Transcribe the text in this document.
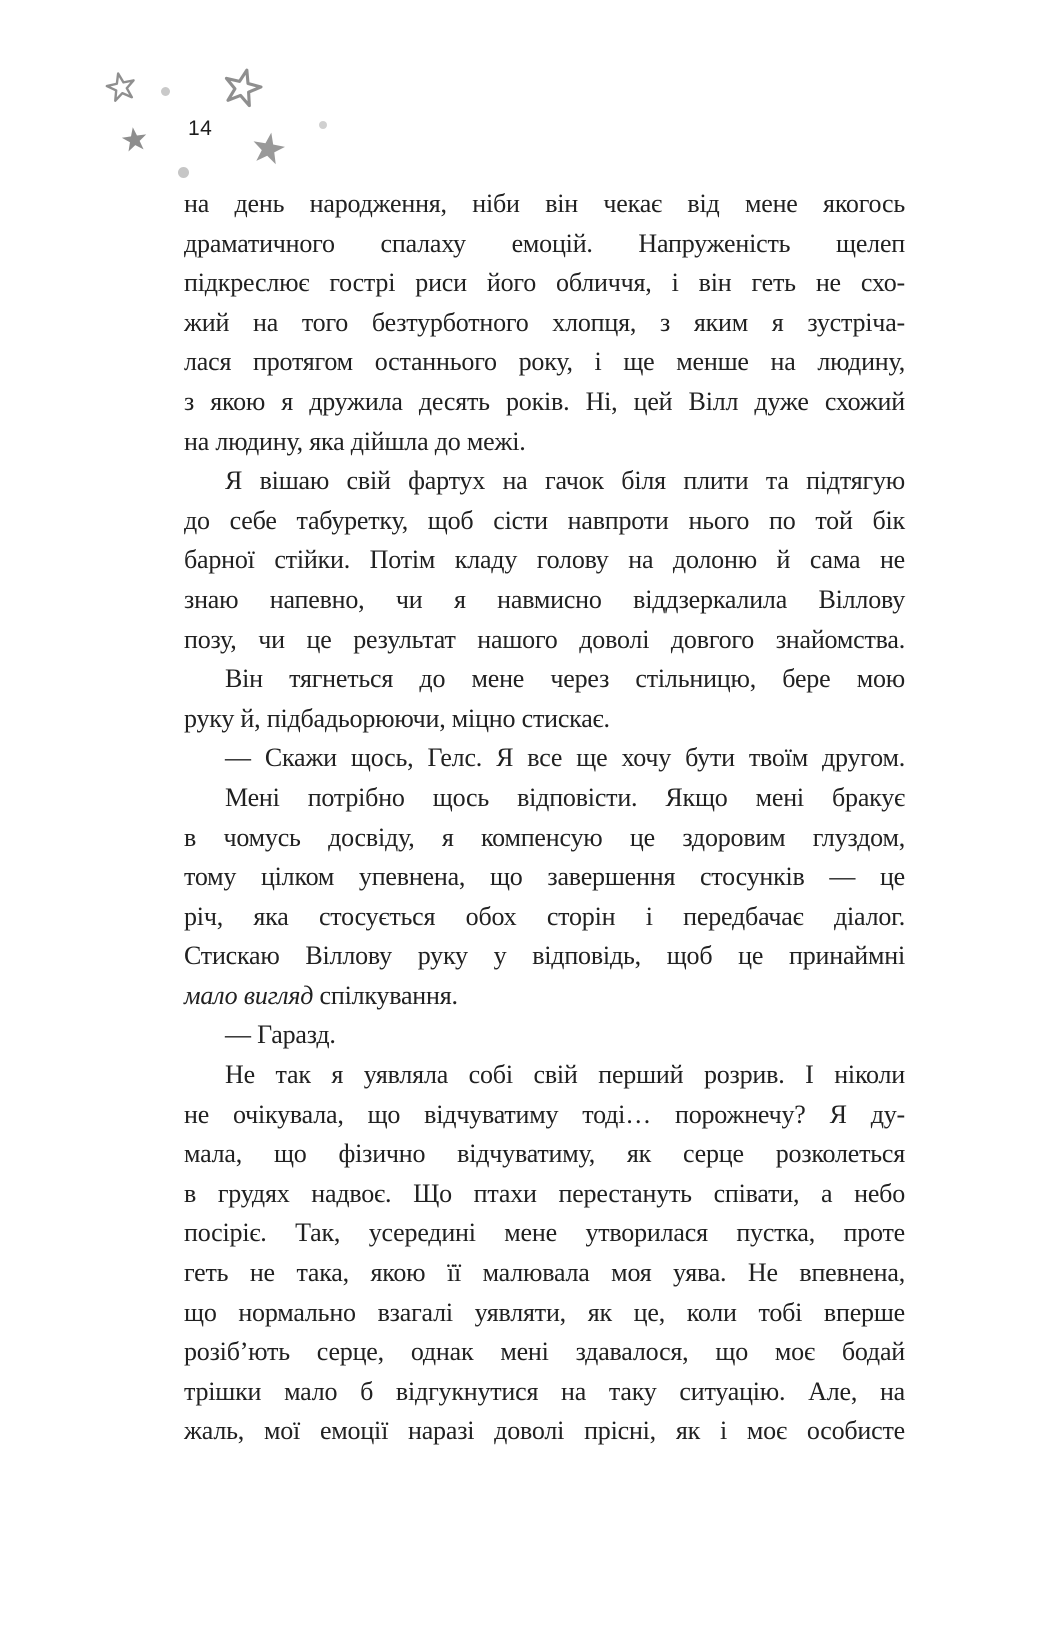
14

на день народження, ніби він чекає від мене якогось
драматичного спалаху емоцій. Напруженість щелеп
підкреслює гострі риси його обличчя, і він геть не схо-
жий на того безтурботного хлопця, з яким я зустріча-
лася протягом останнього року, і ще менше на людину,
з якою я дружила десять років. Ні, цей Вілл дуже схожий
на людину, яка дійшла до межі.

Я вішаю свій фартух на гачок біля плити та підтягую
до себе табуретку, щоб сісти навпроти нього по той бік
барної стійки. Потім кладу голову на долоню й сама не
знаю напевно, чи я навмисно віддзеркалила Віллову
позу, чи це результат нашого доволі довгого знайомства.

Він тягнеться до мене через стільницю, бере мою
руку й, підбадьорюючи, міцно стискає.

— Скажи щось, Гелс. Я все ще хочу бути твоїм другом.

Мені потрібно щось відповісти. Якщо мені бракує
в чомусь досвіду, я компенсую це здоровим глуздом,
тому цілком упевнена, що завершення стосунків — це
річ, яка стосується обох сторін і передбачає діалог.
Стискаю Віллову руку у відповідь, щоб це принаймні
мало вигляд спілкування.

— Гаразд.

Не так я уявляла собі свій перший розрив. І ніколи
не очікувала, що відчуватиму тоді… порожнечу? Я ду-
мала, що фізично відчуватиму, як серце розколеться
в грудях надвоє. Що птахи перестануть співати, а небо
посіріє. Так, усередині мене утворилася пустка, проте
геть не така, якою її малювала моя уява. Не впевнена,
що нормально взагалі уявляти, як це, коли тобі вперше
розіб’ють серце, однак мені здавалося, що моє бодай
трішки мало б відгукнутися на таку ситуацію. Але, на
жаль, мої емоції наразі доволі прісні, як і моє особисте
